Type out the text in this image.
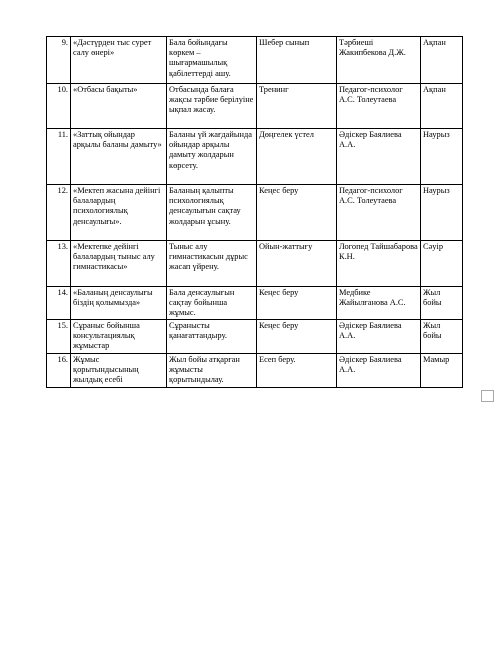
9.	«Дәстүрден тыс сурет салу өнері»	Бала бойындағы көркем – шығармашылық қабілеттерді ашу.	Шебер сынып	Тәрбиеші Жакипбекова Д.Ж.	Ақпан
10.	«Отбасы бақыты»	Отбасында балаға жақсы тәрбие берілуіне ықпал жасау.	Тренинг	Педагог-психолог А.С. Толеутаева	Ақпан
11.	«Заттық ойындар арқылы баланы дамыту»	Баланы үй жағдайында ойындар арқылы дамыту жолдарын көрсету.	Дөңгелек үстел	Әдіскер Баялиева А.А.	Наурыз
12.	«Мектеп жасына дейінгі балалардың психологиялық денсаулығы».	Баланың қалыпты психологиялық денсаулығын сақтау жолдарын ұсыну.	Кеңес беру	Педагог-психолог А.С. Толеутаева	Наурыз
13.	«Мектепке дейінгі балалардың тыныс алу гимнастикасы»	Тыныс алу гимнастикасын дұрыс жасап үйрену.	Ойын-жаттығу	Логопед Тайшабарова К.Н.	Сәуір
14.	«Баланың денсаулығы біздің қолымызда»	Бала денсаулығын сақтау бойынша жұмыс.	Кеңес беру	Медбике Жайылғанова А.С.	Жыл бойы
15.	Сұраныс бойынша консультациялық жұмыстар	Сұранысты қанағаттандыру.	Кеңес беру	Әдіскер Баялиева А.А.	Жыл бойы
16.	Жұмыс қорытындысының жылдық есебі	Жыл бойы атқарған жұмысты қорытындылау.	Есеп беру.	Әдіскер Баялиева А.А.	Мамыр
